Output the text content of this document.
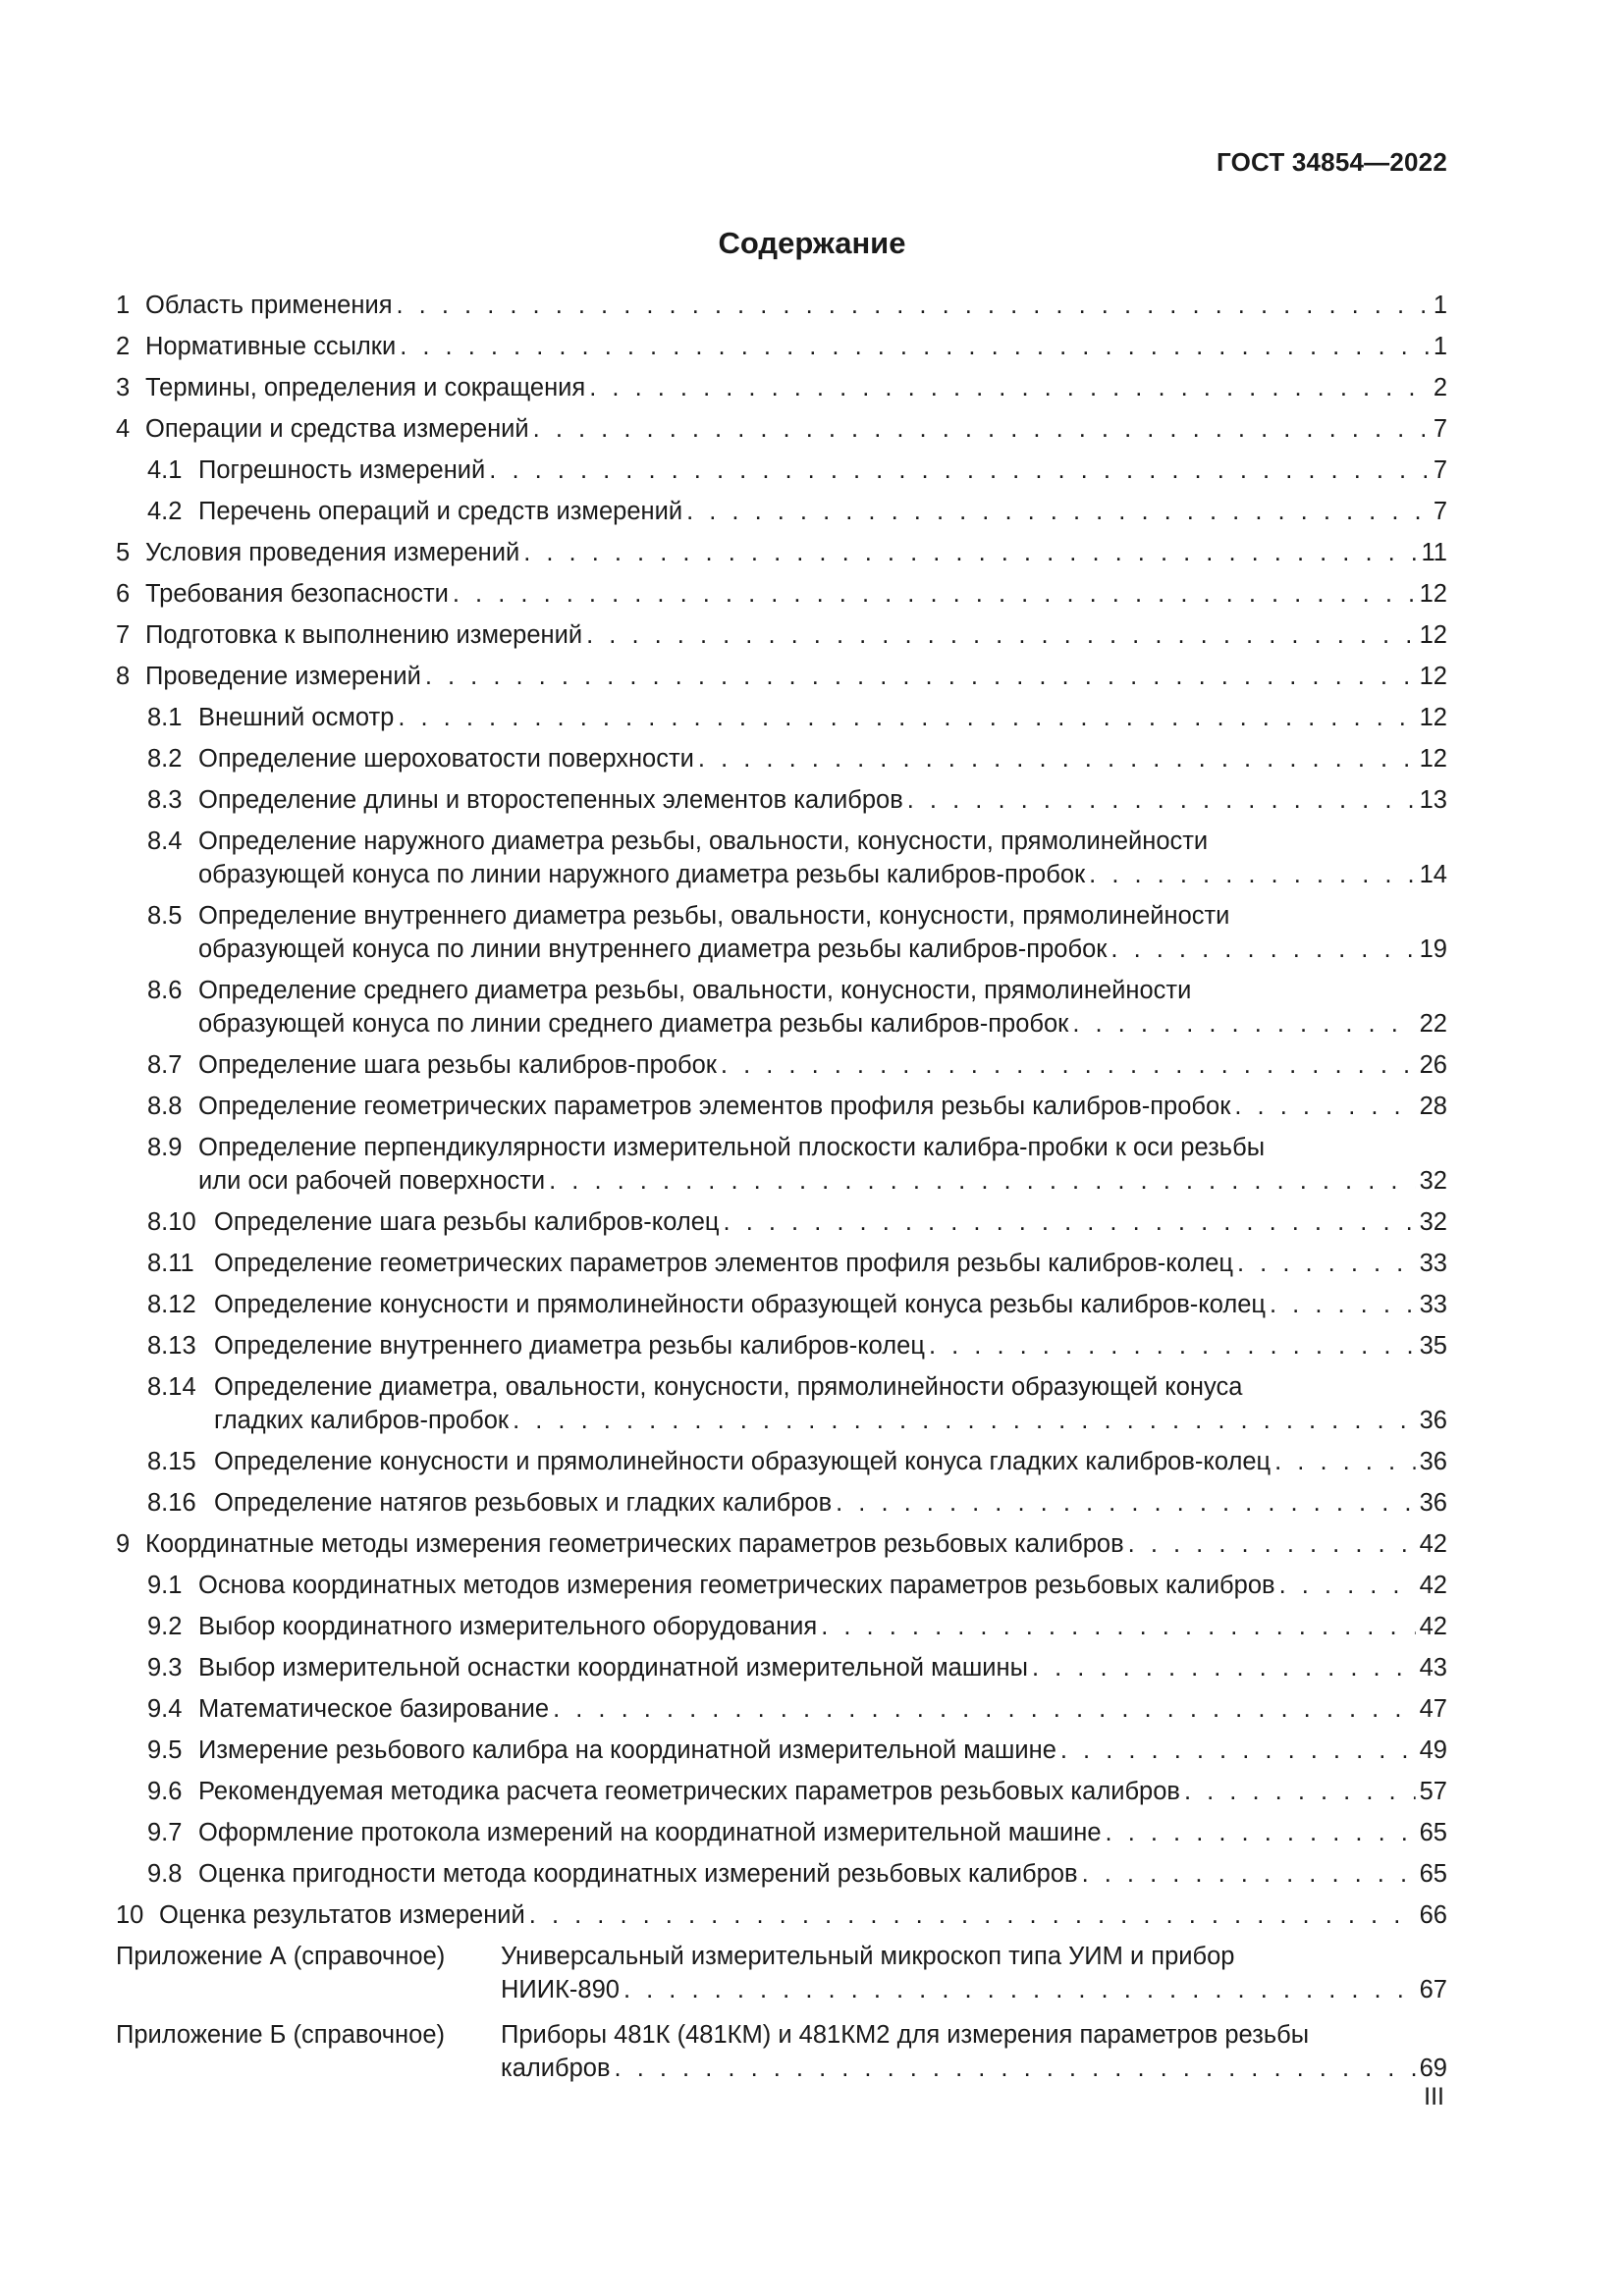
ГОСТ 34854—2022
Содержание
1 Область применения . . .	1
2 Нормативные ссылки . . .	1
3 Термины, определения и сокращения . . .	2
4 Операции и средства измерений . . .	7
4.1 Погрешность измерений . . .	7
4.2 Перечень операций и средств измерений . . .	7
5 Условия проведения измерений . . .	11
6 Требования безопасности . . .	12
7 Подготовка к выполнению измерений . . .	12
8 Проведение измерений . . .	12
8.1 Внешний осмотр . . .	12
8.2 Определение шероховатости поверхности . . .	12
8.3 Определение длины и второстепенных элементов калибров . . .	13
8.4 Определение наружного диаметра резьбы, овальности, конусности, прямолинейности
образующей конуса по линии наружного диаметра резьбы калибров-пробок . . .	14
8.5 Определение внутреннего диаметра резьбы, овальности, конусности, прямолинейности
образующей конуса по линии внутреннего диаметра резьбы калибров-пробок . . .	19
8.6 Определение среднего диаметра резьбы, овальности, конусности, прямолинейности
образующей конуса по линии среднего диаметра резьбы калибров-пробок . . .	22
8.7 Определение шага резьбы калибров-пробок . . .	26
8.8 Определение геометрических параметров элементов профиля резьбы калибров-пробок . . .	28
8.9 Определение перпендикулярности измерительной плоскости калибра-пробки к оси резьбы
или оси рабочей поверхности . . .	32
8.10 Определение шага резьбы калибров-колец . . .	32
8.11 Определение геометрических параметров элементов профиля резьбы калибров-колец . . .	33
8.12 Определение конусности и прямолинейности образующей конуса резьбы калибров-колец . . .	33
8.13 Определение внутреннего диаметра резьбы калибров-колец . . .	35
8.14 Определение диаметра, овальности, конусности, прямолинейности образующей конуса
гладких калибров-пробок . . .	36
8.15 Определение конусности и прямолинейности образующей конуса гладких калибров-колец . . .	36
8.16 Определение натягов резьбовых и гладких калибров . . .	36
9 Координатные методы измерения геометрических параметров резьбовых калибров . . .	42
9.1 Основа координатных методов измерения геометрических параметров резьбовых калибров . . .	42
9.2 Выбор координатного измерительного оборудования . . .	42
9.3 Выбор измерительной оснастки координатной измерительной машины . . .	43
9.4 Математическое базирование . . .	47
9.5 Измерение резьбового калибра на координатной измерительной машине . . .	49
9.6 Рекомендуемая методика расчета геометрических параметров резьбовых калибров . . .	57
9.7 Оформление протокола измерений на координатной измерительной машине . . .	65
9.8 Оценка пригодности метода координатных измерений резьбовых калибров . . .	65
10 Оценка результатов измерений . . .	66
Приложение А (справочное)	Универсальный измерительный микроскоп типа УИМ и прибор
НИИК-890 . . .	67
Приложение Б (справочное)	Приборы 481К (481КМ) и 481КМ2 для измерения параметров резьбы
калибров . . .	69
III
